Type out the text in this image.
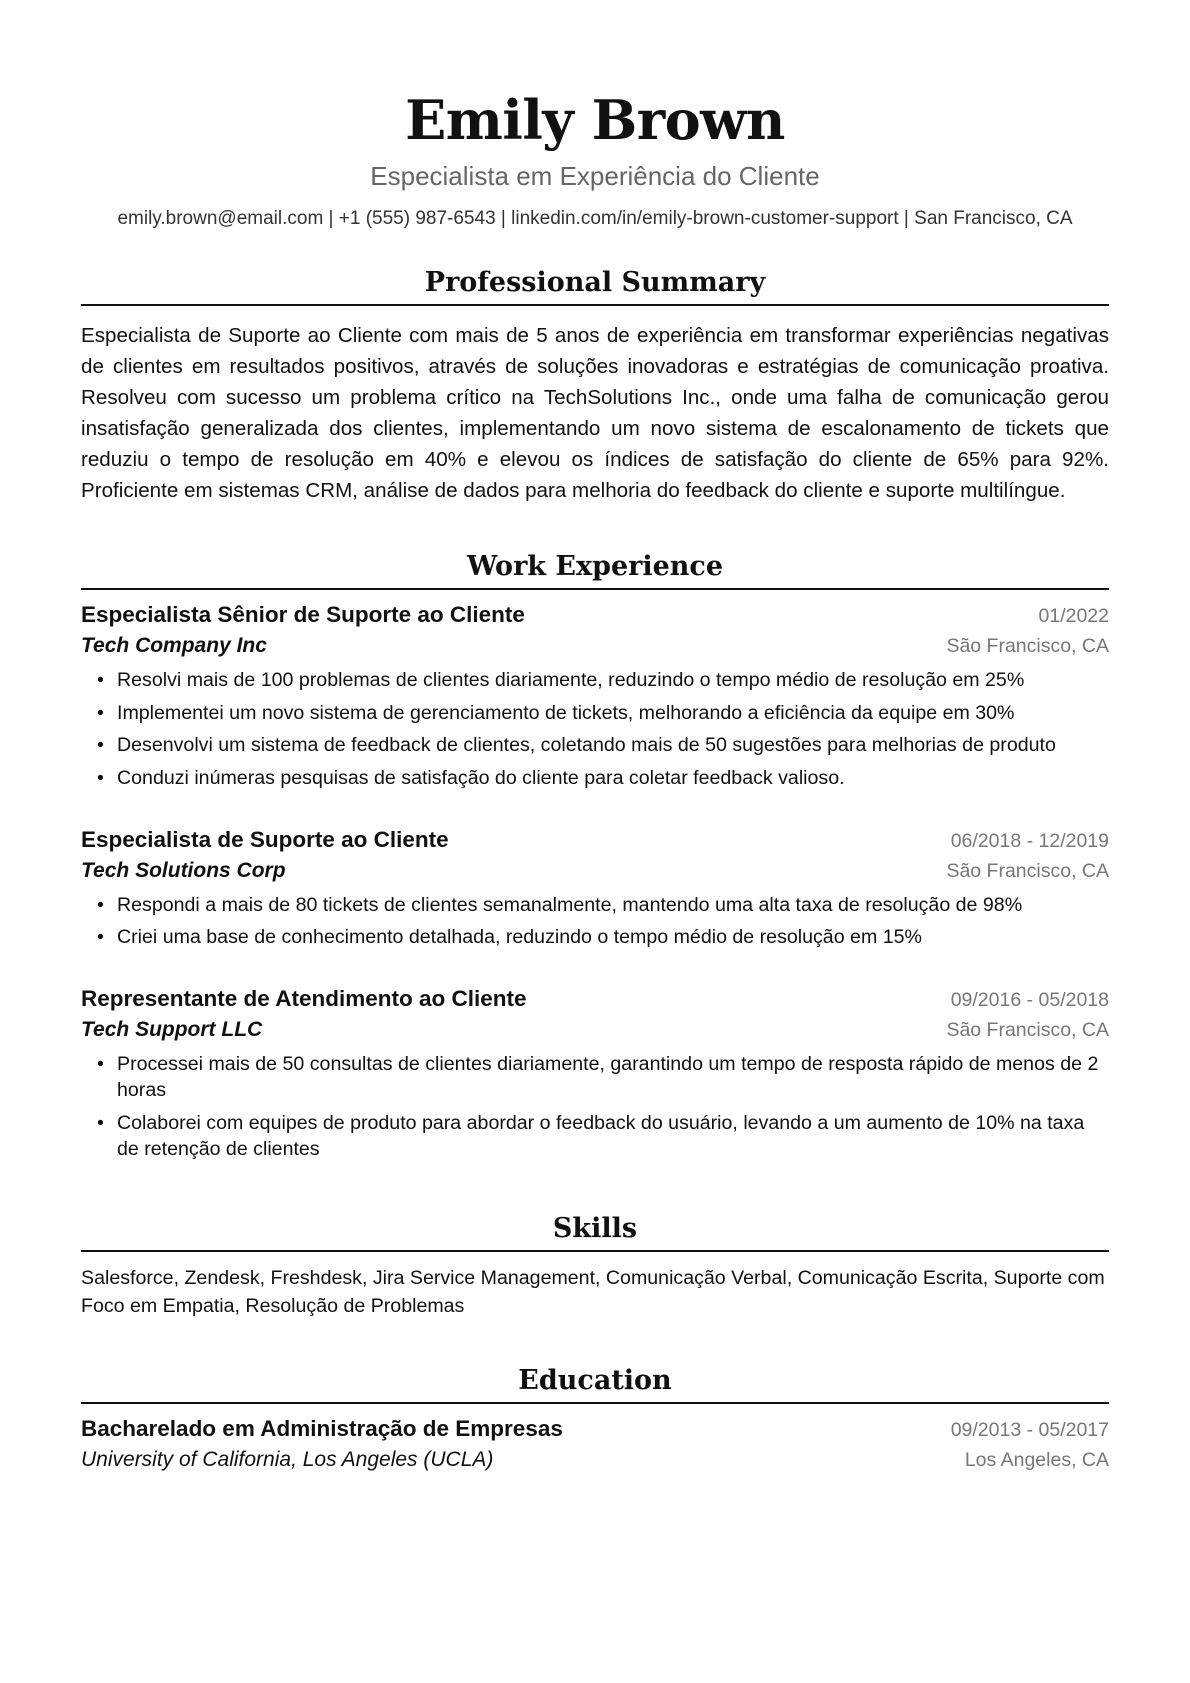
Emily Brown
Especialista em Experiência do Cliente
emily.brown@email.com | +1 (555) 987-6543 | linkedin.com/in/emily-brown-customer-support | San Francisco, CA
Professional Summary
Especialista de Suporte ao Cliente com mais de 5 anos de experiência em transformar experiências negativas de clientes em resultados positivos, através de soluções inovadoras e estratégias de comunicação proativa. Resolveu com sucesso um problema crítico na TechSolutions Inc., onde uma falha de comunicação gerou insatisfação generalizada dos clientes, implementando um novo sistema de escalonamento de tickets que reduziu o tempo de resolução em 40% e elevou os índices de satisfação do cliente de 65% para 92%. Proficiente em sistemas CRM, análise de dados para melhoria do feedback do cliente e suporte multilíngue.
Work Experience
Especialista Sênior de Suporte ao Cliente	01/2022
Tech Company Inc	São Francisco, CA
• Resolvi mais de 100 problemas de clientes diariamente, reduzindo o tempo médio de resolução em 25%
• Implementei um novo sistema de gerenciamento de tickets, melhorando a eficiência da equipe em 30%
• Desenvolvi um sistema de feedback de clientes, coletando mais de 50 sugestões para melhorias de produto
• Conduzi inúmeras pesquisas de satisfação do cliente para coletar feedback valioso.
Especialista de Suporte ao Cliente	06/2018 - 12/2019
Tech Solutions Corp	São Francisco, CA
• Respondi a mais de 80 tickets de clientes semanalmente, mantendo uma alta taxa de resolução de 98%
• Criei uma base de conhecimento detalhada, reduzindo o tempo médio de resolução em 15%
Representante de Atendimento ao Cliente	09/2016 - 05/2018
Tech Support LLC	São Francisco, CA
• Processei mais de 50 consultas de clientes diariamente, garantindo um tempo de resposta rápido de menos de 2 horas
• Colaborei com equipes de produto para abordar o feedback do usuário, levando a um aumento de 10% na taxa de retenção de clientes
Skills
Salesforce, Zendesk, Freshdesk, Jira Service Management, Comunicação Verbal, Comunicação Escrita, Suporte com Foco em Empatia, Resolução de Problemas
Education
Bacharelado em Administração de Empresas	09/2013 - 05/2017
University of California, Los Angeles (UCLA)	Los Angeles, CA
